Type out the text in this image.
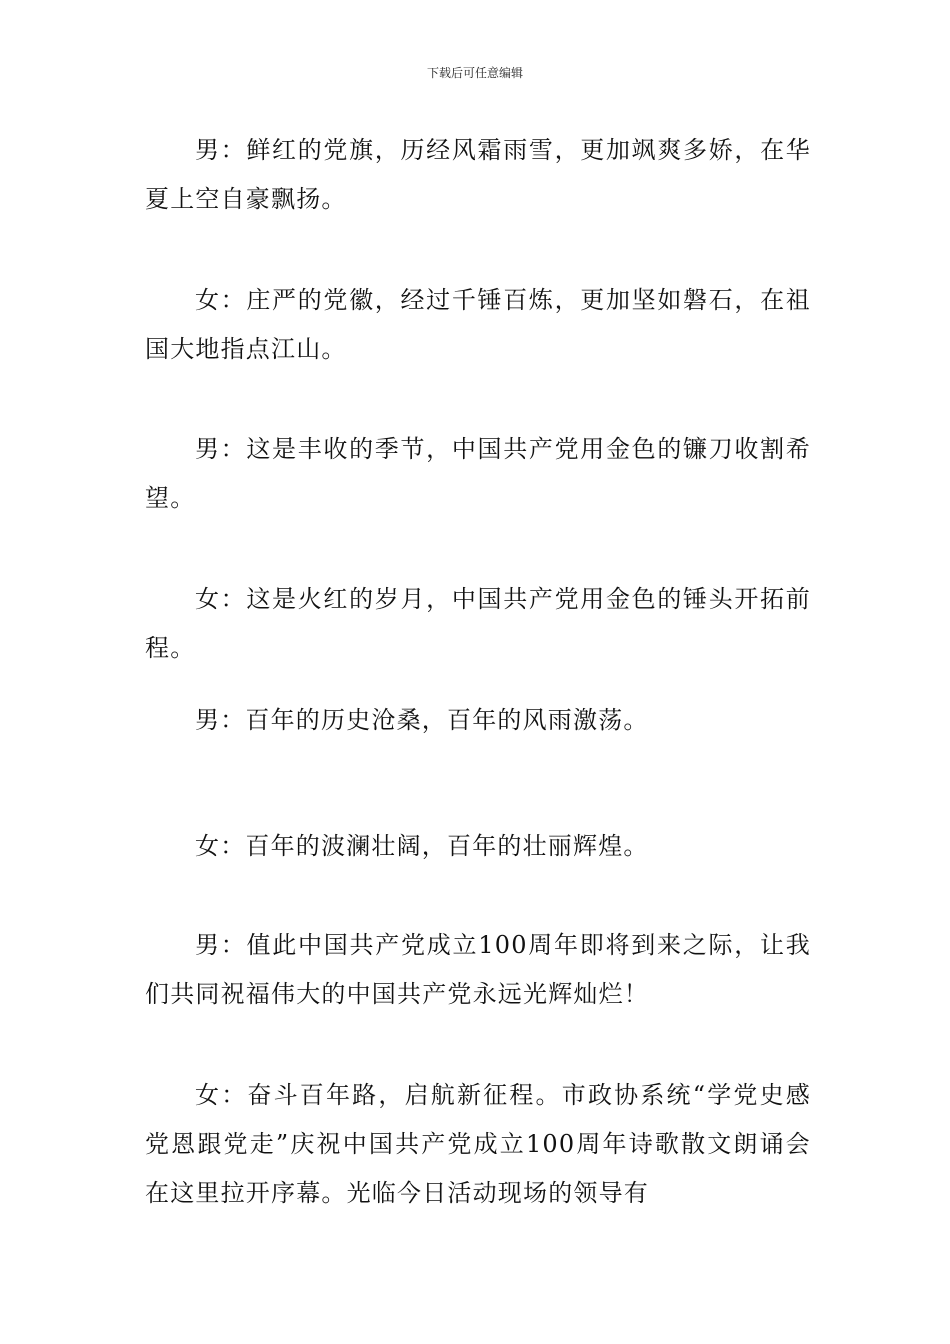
下载后可任意编辑

男：鲜红的党旗，历经风霜雨雪，更加飒爽多娇，在华夏上空自豪飘扬。

女：庄严的党徽，经过千锤百炼，更加坚如磐石，在祖国大地指点江山。

男：这是丰收的季节，中国共产党用金色的镰刀收割希望。

女：这是火红的岁月，中国共产党用金色的锤头开拓前程。

男：百年的历史沧桑，百年的风雨激荡。

女：百年的波澜壮阔，百年的壮丽辉煌。

男：值此中国共产党成立100周年即将到来之际，让我们共同祝福伟大的中国共产党永远光辉灿烂！

女：奋斗百年路，启航新征程。市政协系统“学党史感党恩跟党走”庆祝中国共产党成立100周年诗歌散文朗诵会在这里拉开序幕。光临今日活动现场的领导有
